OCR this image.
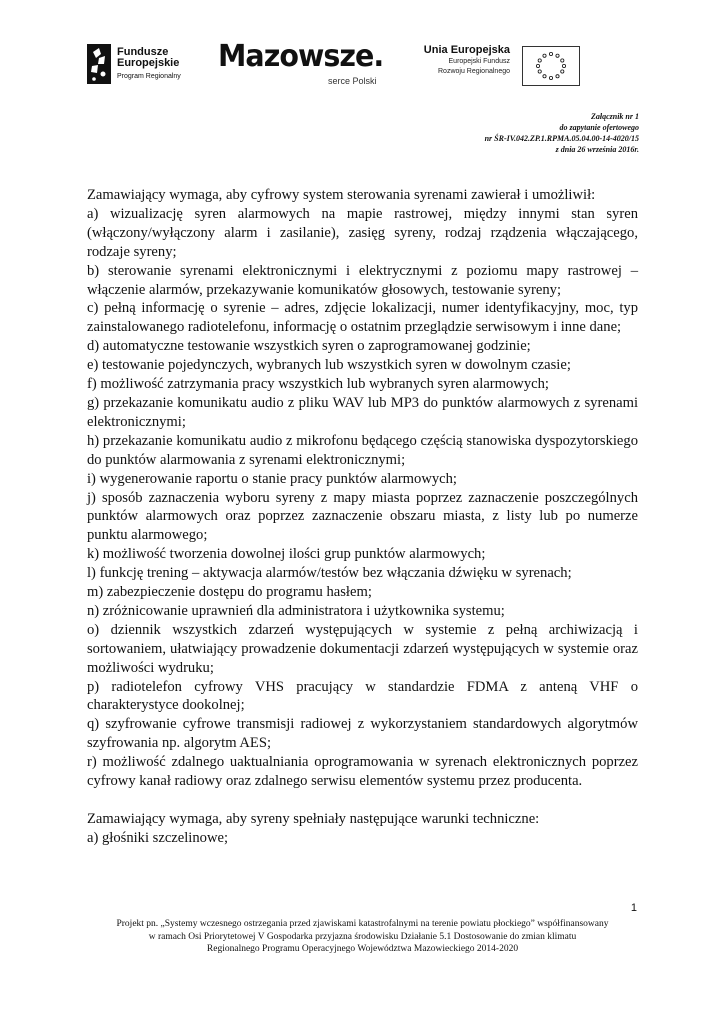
Fundusze
Europejskie
Program Regionalny
Mazowsze.
serce Polski
Unia Europejska
Europejski Fundusz
Rozwoju Regionalnego
Załącznik nr 1
do zapytanie ofertowego
nr ŚR-IV.042.ZP.1.RPMA.05.04.00-14-4020/15
z dnia 26 września 2016r.

Zamawiający wymaga, aby cyfrowy system sterowania syrenami zawierał i umożliwił:

a) wizualizację syren alarmowych na mapie rastrowej, między innymi stan syren (włączony/wyłączony alarm i zasilanie), zasięg syreny, rodzaj rządzenia włączającego, rodzaje syreny;

b) sterowanie syrenami elektronicznymi i elektrycznymi z poziomu mapy rastrowej – włączenie alarmów, przekazywanie komunikatów głosowych, testowanie syreny;

c) pełną informację o syrenie – adres, zdjęcie lokalizacji, numer identyfikacyjny, moc, typ zainstalowanego radiotelefonu, informację o ostatnim przeglądzie serwisowym i inne dane;

d) automatyczne testowanie wszystkich syren o zaprogramowanej godzinie;

e) testowanie pojedynczych, wybranych lub wszystkich syren w dowolnym czasie;

f) możliwość zatrzymania pracy wszystkich lub wybranych syren alarmowych;

g) przekazanie komunikatu audio z pliku WAV lub MP3 do punktów alarmowych z syrenami elektronicznymi;

h) przekazanie komunikatu audio z mikrofonu będącego częścią stanowiska dyspozytorskiego do punktów alarmowania z syrenami elektronicznymi;

i) wygenerowanie raportu o stanie pracy punktów alarmowych;

j) sposób zaznaczenia wyboru syreny z mapy miasta poprzez zaznaczenie poszczególnych punktów alarmowych oraz poprzez zaznaczenie obszaru miasta, z listy lub po numerze punktu alarmowego;

k) możliwość tworzenia dowolnej ilości grup punktów alarmowych;

l) funkcję trening – aktywacja alarmów/testów bez włączania dźwięku w syrenach;

m) zabezpieczenie dostępu do programu hasłem;

n) zróżnicowanie uprawnień dla administratora i użytkownika systemu;

o) dziennik wszystkich zdarzeń występujących w systemie z pełną archiwizacją i sortowaniem, ułatwiający prowadzenie dokumentacji zdarzeń występujących w systemie oraz możliwości wydruku;

p) radiotelefon cyfrowy VHS pracujący w standardzie FDMA z anteną VHF o charakterystyce dookolnej;

q) szyfrowanie cyfrowe transmisji radiowej z wykorzystaniem standardowych algorytmów szyfrowania np. algorytm AES;

r) możliwość zdalnego uaktualniania oprogramowania w syrenach elektronicznych poprzez cyfrowy kanał radiowy oraz zdalnego serwisu elementów systemu przez producenta.

Zamawiający wymaga, aby syreny spełniały następujące warunki techniczne:

a) głośniki szczelinowe;

1
Projekt pn. „Systemy wczesnego ostrzegania przed zjawiskami katastrofalnymi na terenie powiatu płockiego” współfinansowany
w ramach Osi Priorytetowej V Gospodarka przyjazna środowisku Działanie 5.1 Dostosowanie do zmian klimatu
Regionalnego Programu Operacyjnego Województwa Mazowieckiego 2014-2020
